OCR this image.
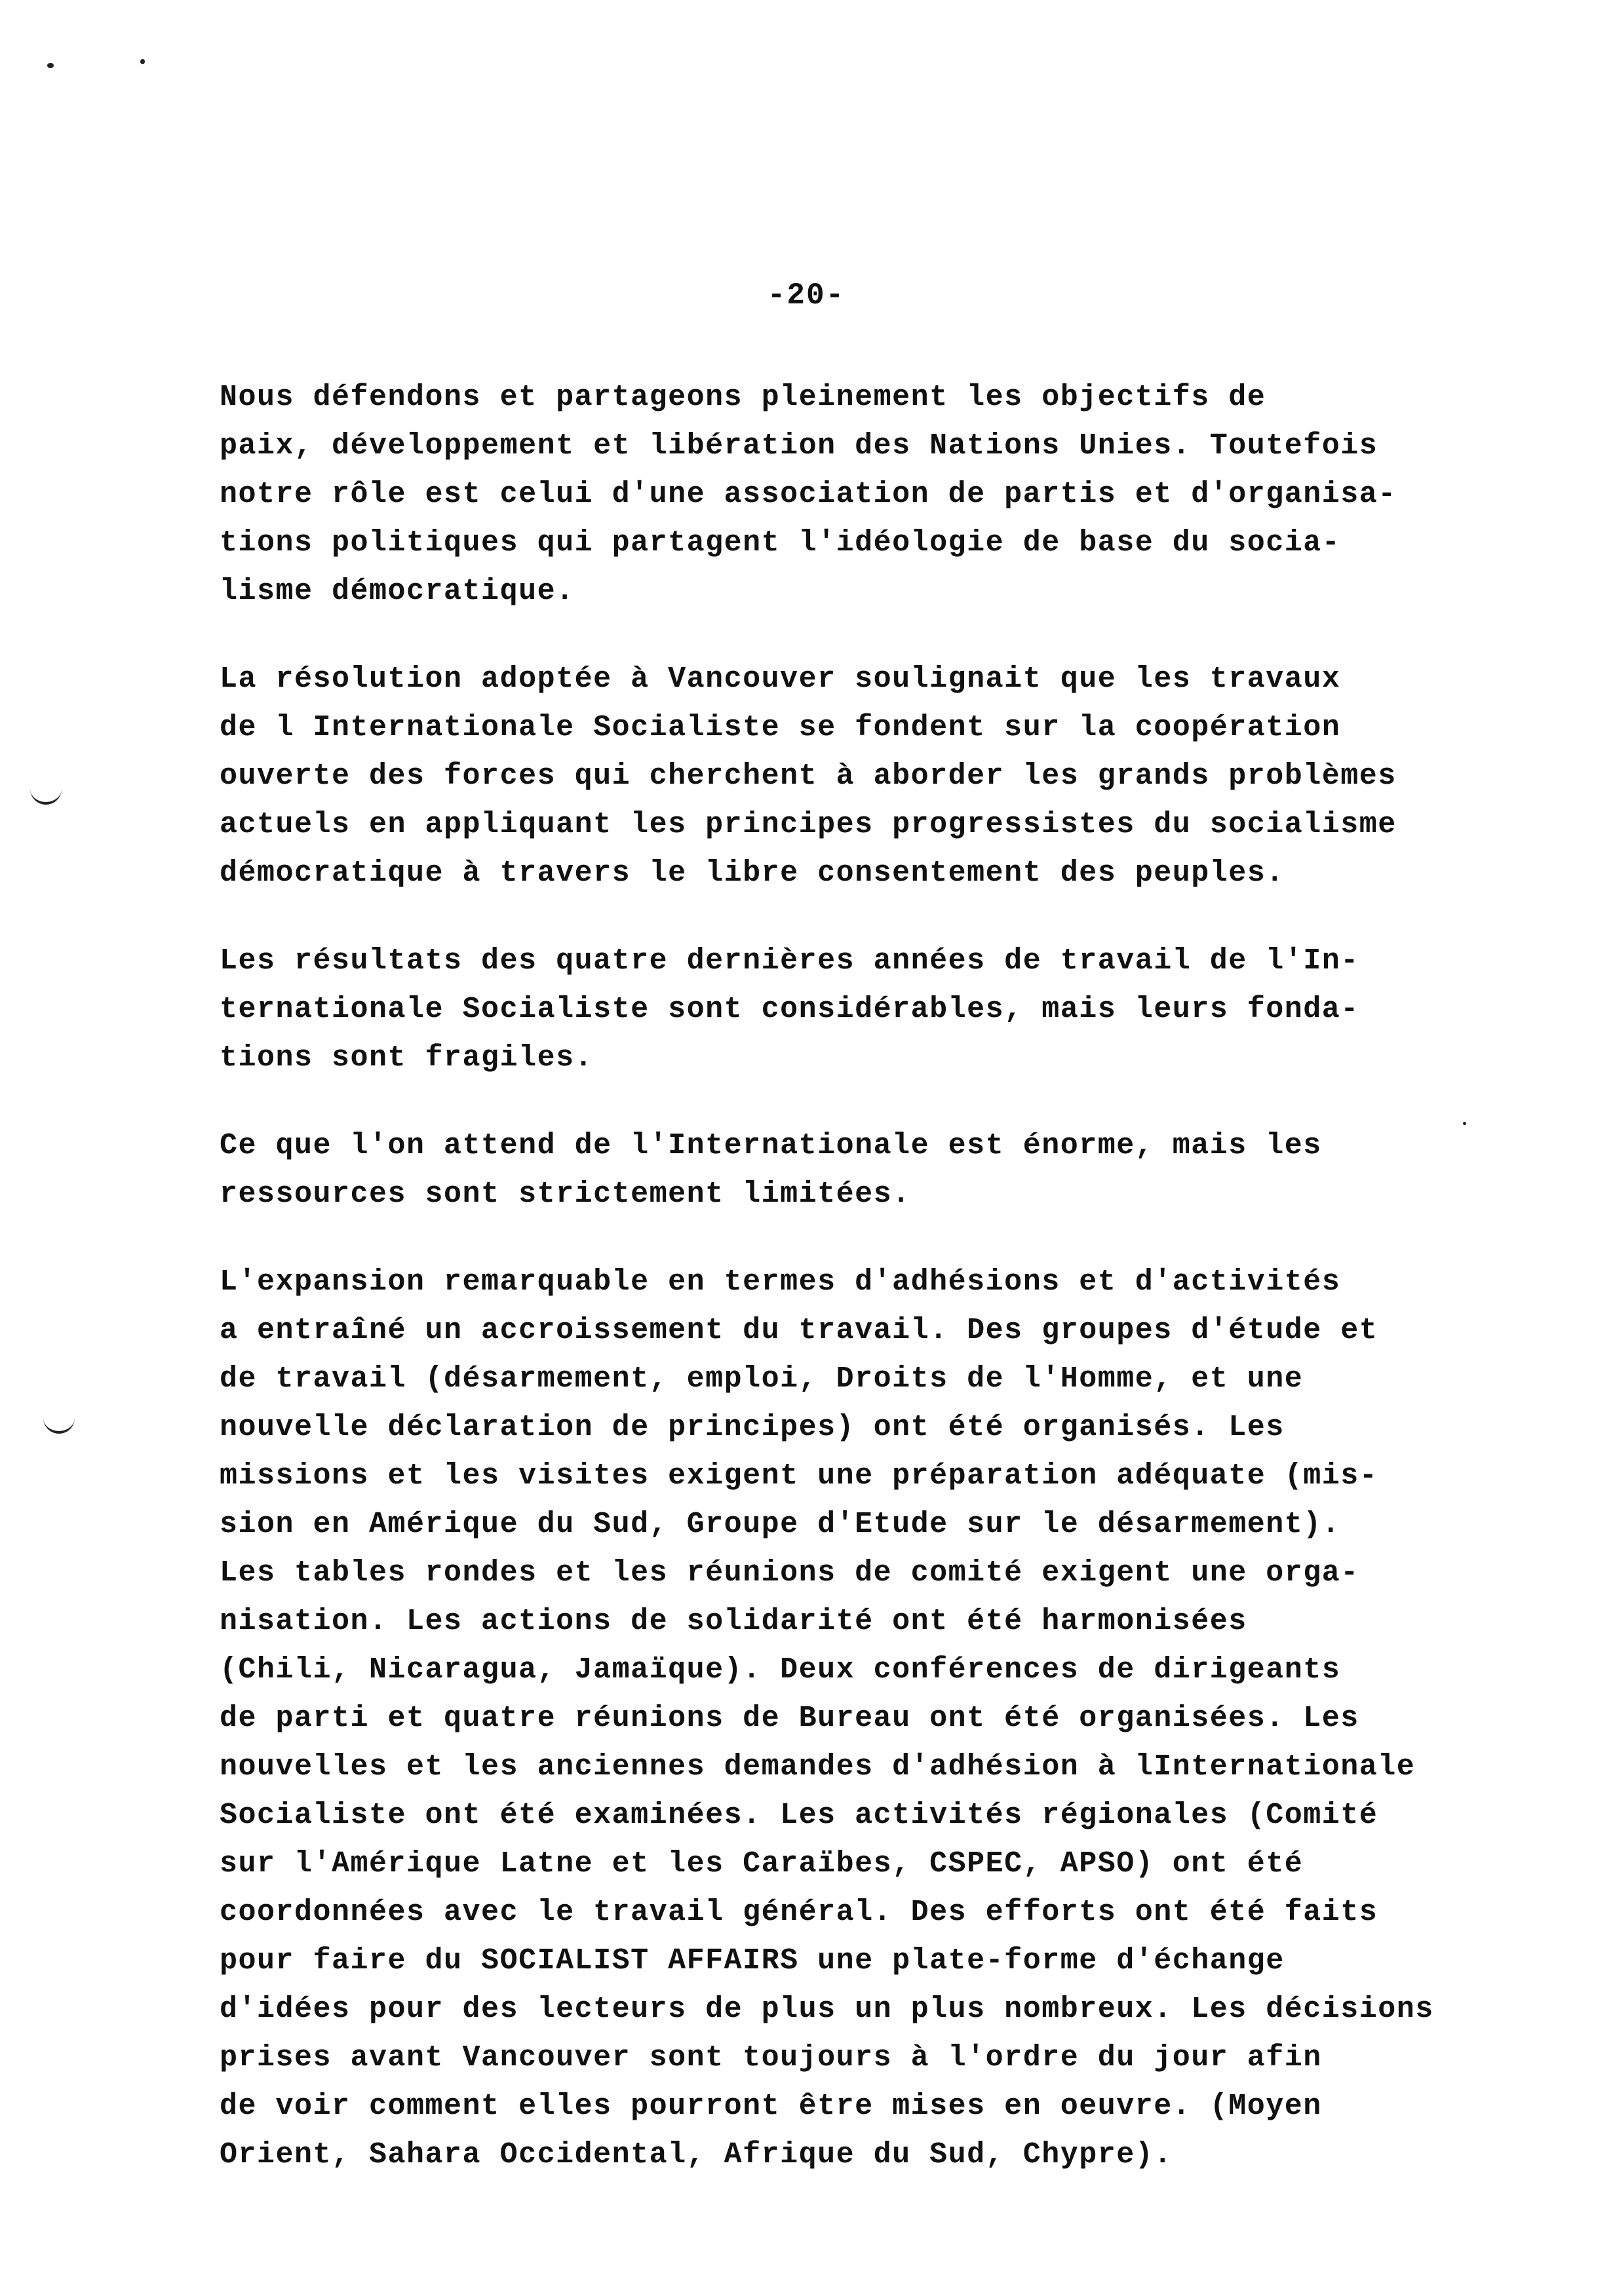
-20-

Nous défendons et partageons pleinement les objectifs de
paix, développement et libération des Nations Unies. Toutefois
notre rôle est celui d'une association de partis et d'organisa-
tions politiques qui partagent l'idéologie de base du socia-
lisme démocratique.

La résolution adoptée à Vancouver soulignait que les travaux
de l Internationale Socialiste se fondent sur la coopération
ouverte des forces qui cherchent à aborder les grands problèmes
actuels en appliquant les principes progressistes du socialisme
démocratique à travers le libre consentement des peuples.

Les résultats des quatre dernières années de travail de l'In-
ternationale Socialiste sont considérables, mais leurs fonda-
tions sont fragiles.

Ce que l'on attend de l'Internationale est énorme, mais les
ressources sont strictement limitées.

L'expansion remarquable en termes d'adhésions et d'activités
a entraîné un accroissement du travail. Des groupes d'étude et
de travail (désarmement, emploi, Droits de l'Homme, et une
nouvelle déclaration de principes) ont été organisés. Les
missions et les visites exigent une préparation adéquate (mis-
sion en Amérique du Sud, Groupe d'Etude sur le désarmement).
Les tables rondes et les réunions de comité exigent une orga-
nisation. Les actions de solidarité ont été harmonisées
(Chili, Nicaragua, Jamaïque). Deux conférences de dirigeants
de parti et quatre réunions de Bureau ont été organisées. Les
nouvelles et les anciennes demandes d'adhésion à lInternationale
Socialiste ont été examinées. Les activités régionales (Comité
sur l'Amérique Latne et les Caraïbes, CSPEC, APSO) ont été
coordonnées avec le travail général. Des efforts ont été faits
pour faire du SOCIALIST AFFAIRS une plate-forme d'échange
d'idées pour des lecteurs de plus un plus nombreux. Les décisions
prises avant Vancouver sont toujours à l'ordre du jour afin
de voir comment elles pourront être mises en oeuvre. (Moyen
Orient, Sahara Occidental, Afrique du Sud, Chypre).
